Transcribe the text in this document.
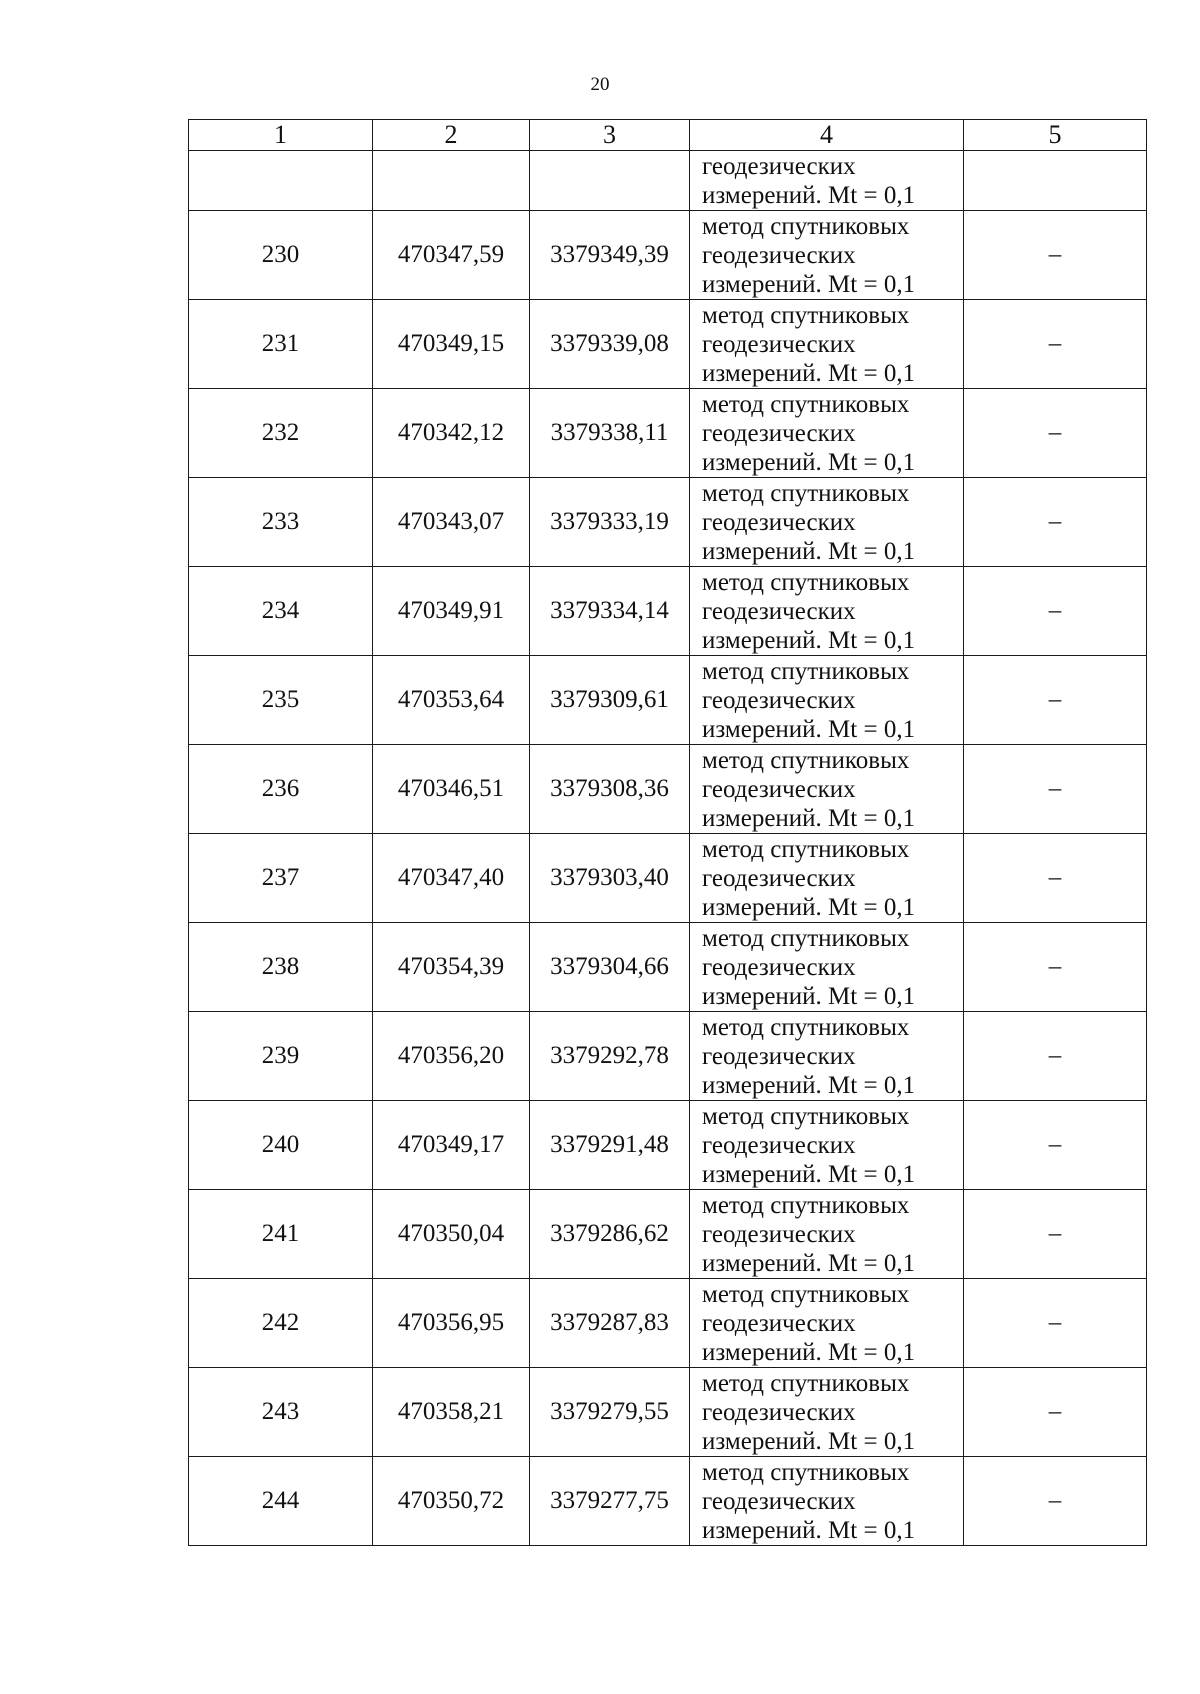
20
1	2	3	4	5

			геодезических
измерений. Mt = 0,1	

230	470347,59	3379349,39	метод спутниковых
геодезических
измерений. Mt = 0,1	–
231	470349,15	3379339,08	метод спутниковых
геодезических
измерений. Mt = 0,1	–
232	470342,12	3379338,11	метод спутниковых
геодезических
измерений. Mt = 0,1	–
233	470343,07	3379333,19	метод спутниковых
геодезических
измерений. Mt = 0,1	–
234	470349,91	3379334,14	метод спутниковых
геодезических
измерений. Mt = 0,1	–
235	470353,64	3379309,61	метод спутниковых
геодезических
измерений. Mt = 0,1	–
236	470346,51	3379308,36	метод спутниковых
геодезических
измерений. Mt = 0,1	–
237	470347,40	3379303,40	метод спутниковых
геодезических
измерений. Mt = 0,1	–
238	470354,39	3379304,66	метод спутниковых
геодезических
измерений. Mt = 0,1	–
239	470356,20	3379292,78	метод спутниковых
геодезических
измерений. Mt = 0,1	–
240	470349,17	3379291,48	метод спутниковых
геодезических
измерений. Mt = 0,1	–
241	470350,04	3379286,62	метод спутниковых
геодезических
измерений. Mt = 0,1	–
242	470356,95	3379287,83	метод спутниковых
геодезических
измерений. Mt = 0,1	–
243	470358,21	3379279,55	метод спутниковых
геодезических
измерений. Mt = 0,1	–
244	470350,72	3379277,75	метод спутниковых
геодезических
измерений. Mt = 0,1	–
